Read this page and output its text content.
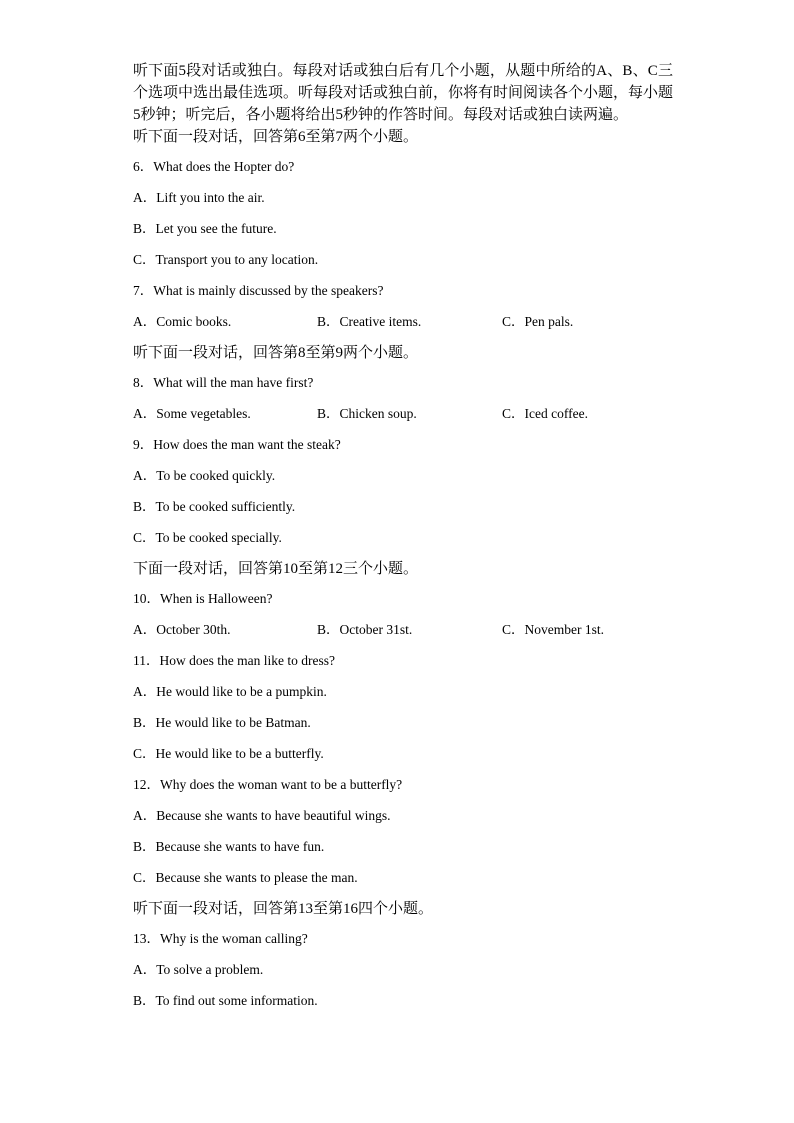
听下面5段对话或独白。每段对话或独白后有几个小题，从题中所给的A、B、C三个选项中选出最佳选项。听每段对话或独白前，你将有时间阅读各个小题，每小题5秒钟；听完后，各小题将给出5秒钟的作答时间。每段对话或独白读两遍。

听下面一段对话，回答第6至第7两个小题。

6．What does the Hopter do?

A．Lift you into the air.

B．Let you see the future.

C．Transport you to any location.

7．What is mainly discussed by the speakers?

A．Comic books.	B．Creative items.	C．Pen pals.

听下面一段对话，回答第8至第9两个小题。

8．What will the man have first?

A．Some vegetables.	B．Chicken soup.	C．Iced coffee.

9．How does the man want the steak?

A．To be cooked quickly.

B．To be cooked sufficiently.

C．To be cooked specially.

下面一段对话，回答第10至第12三个小题。

10．When is Halloween?

A．October 30th.	B．October 31st.	C．November 1st.

11．How does the man like to dress?

A．He would like to be a pumpkin.

B．He would like to be Batman.

C．He would like to be a butterfly.

12．Why does the woman want to be a butterfly?

A．Because she wants to have beautiful wings.

B．Because she wants to have fun.

C．Because she wants to please the man.

听下面一段对话，回答第13至第16四个小题。

13．Why is the woman calling?

A．To solve a problem.

B．To find out some information.
